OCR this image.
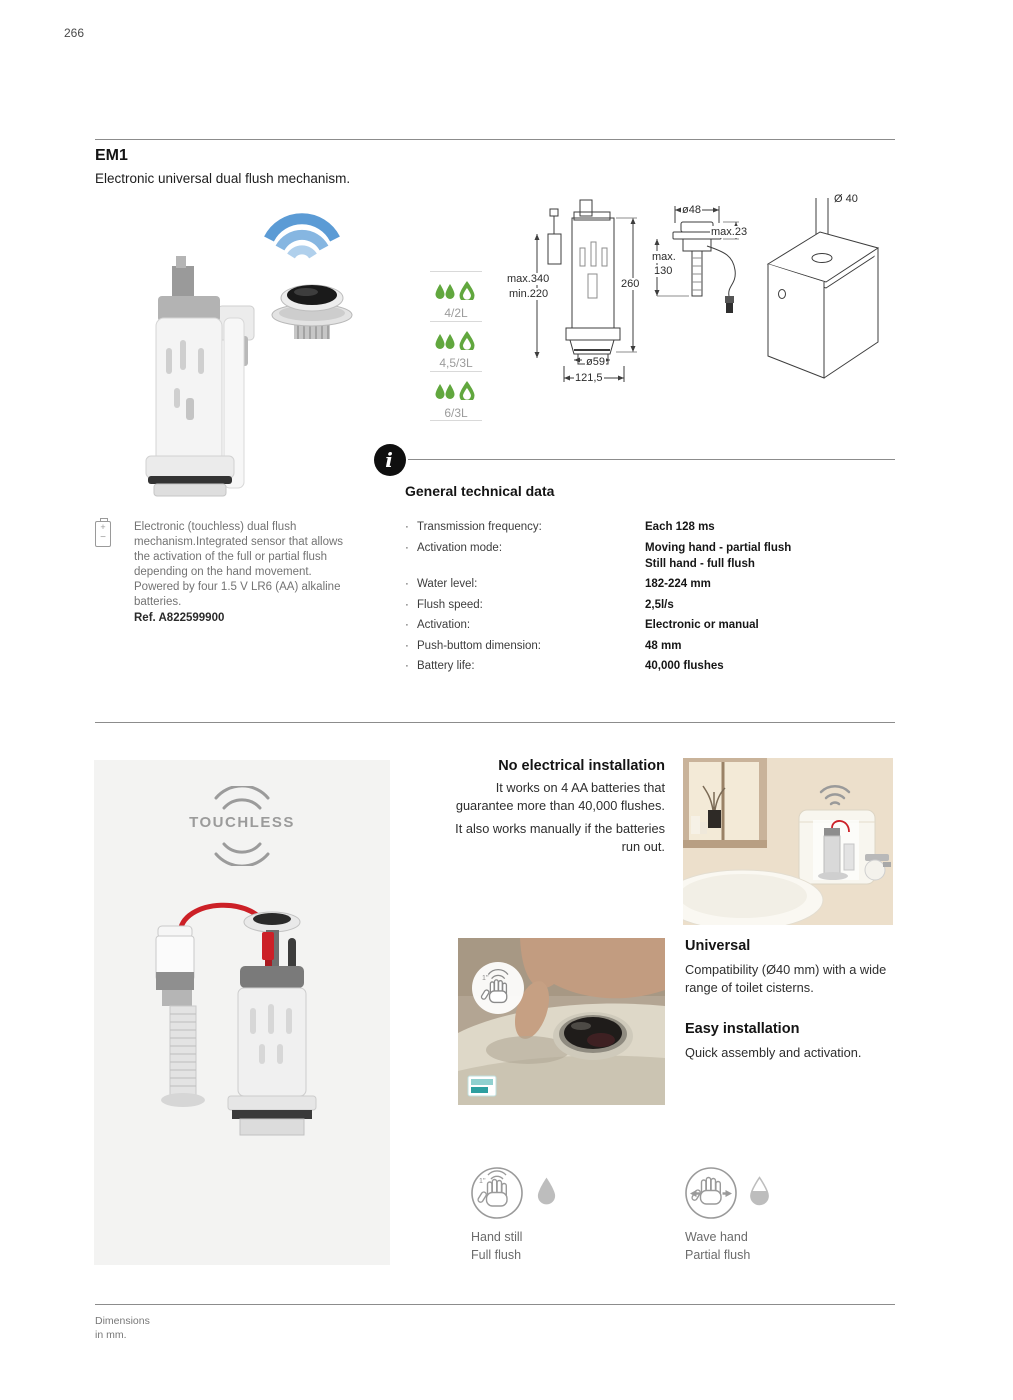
266
EM1
Electronic universal dual flush mechanism.
4/2L
4,5/3L
6/3L
max.340
min.220
260
ø59
121,5
ø48
max.23
max.
130
Ø 40
i
General technical data
+
−
Electronic (touchless) dual flush
mechanism.Integrated sensor that allows
the activation of the full or partial flush
depending on the hand movement.
Powered by four 1.5 V LR6 (AA) alkaline
batteries.
Ref. A822599900
· Transmission frequency:	Each 128 ms
· Activation mode:	Moving hand - partial flush
Still hand - full flush
· Water level:	182-224 mm
· Flush speed:	2,5l/s
· Activation:	Electronic or manual
· Push-buttom dimension:	48 mm
· Battery life:	40,000 flushes
TOUCHLESS
No electrical installation
It works on 4 AA batteries that guarantee more than 40,000 flushes.
It also works manually if the batteries run out.
Universal
Compatibility (Ø40 mm) with a wide range of toilet cisterns.
Easy installation
Quick assembly and activation.
1''
1''
Hand still
Full flush
Wave hand
Partial flush
Dimensions
in mm.
